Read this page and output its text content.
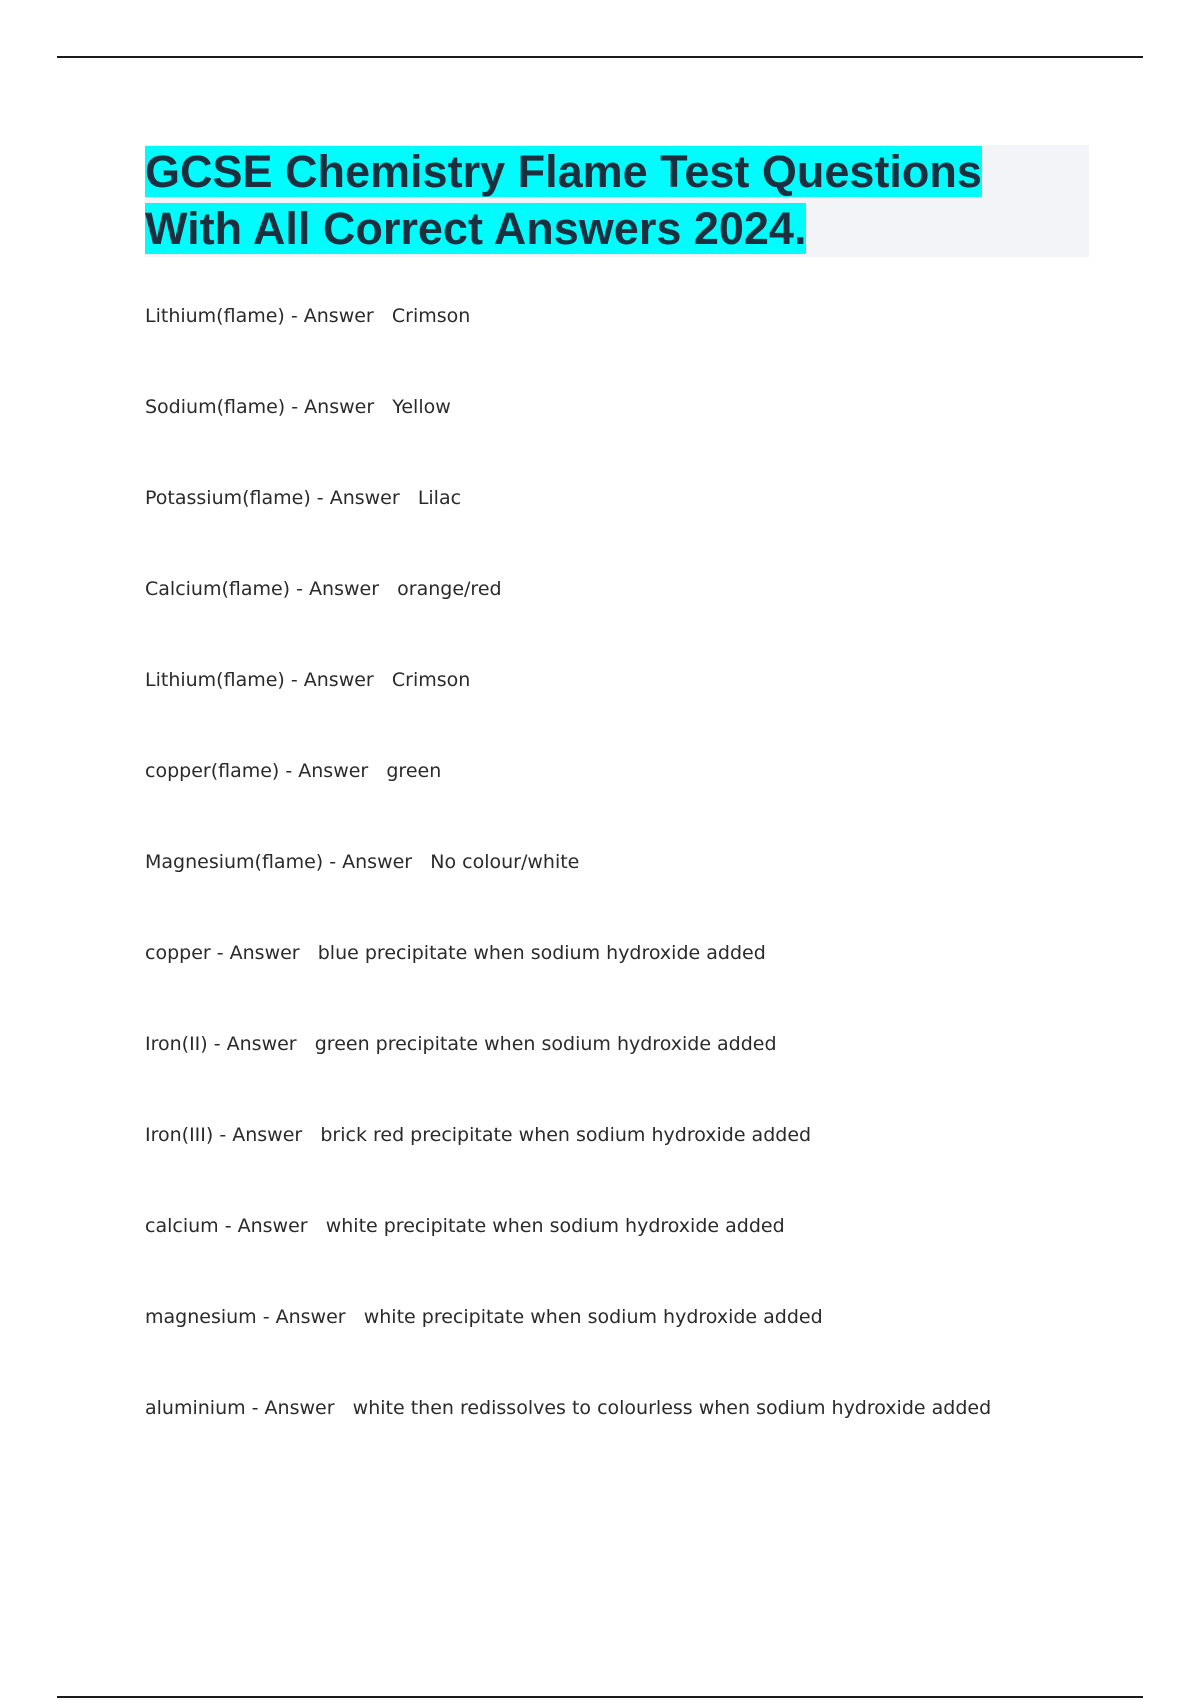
GCSE Chemistry Flame Test Questions
With All Correct Answers 2024.
Lithium(flame) - Answer   Crimson
Sodium(flame) - Answer   Yellow
Potassium(flame) - Answer   Lilac
Calcium(flame) - Answer   orange/red
Lithium(flame) - Answer   Crimson
copper(flame) - Answer   green
Magnesium(flame) - Answer   No colour/white
copper - Answer   blue precipitate when sodium hydroxide added
Iron(II) - Answer   green precipitate when sodium hydroxide added
Iron(III) - Answer   brick red precipitate when sodium hydroxide added
calcium - Answer   white precipitate when sodium hydroxide added
magnesium - Answer   white precipitate when sodium hydroxide added
aluminium - Answer   white then redissolves to colourless when sodium hydroxide added
